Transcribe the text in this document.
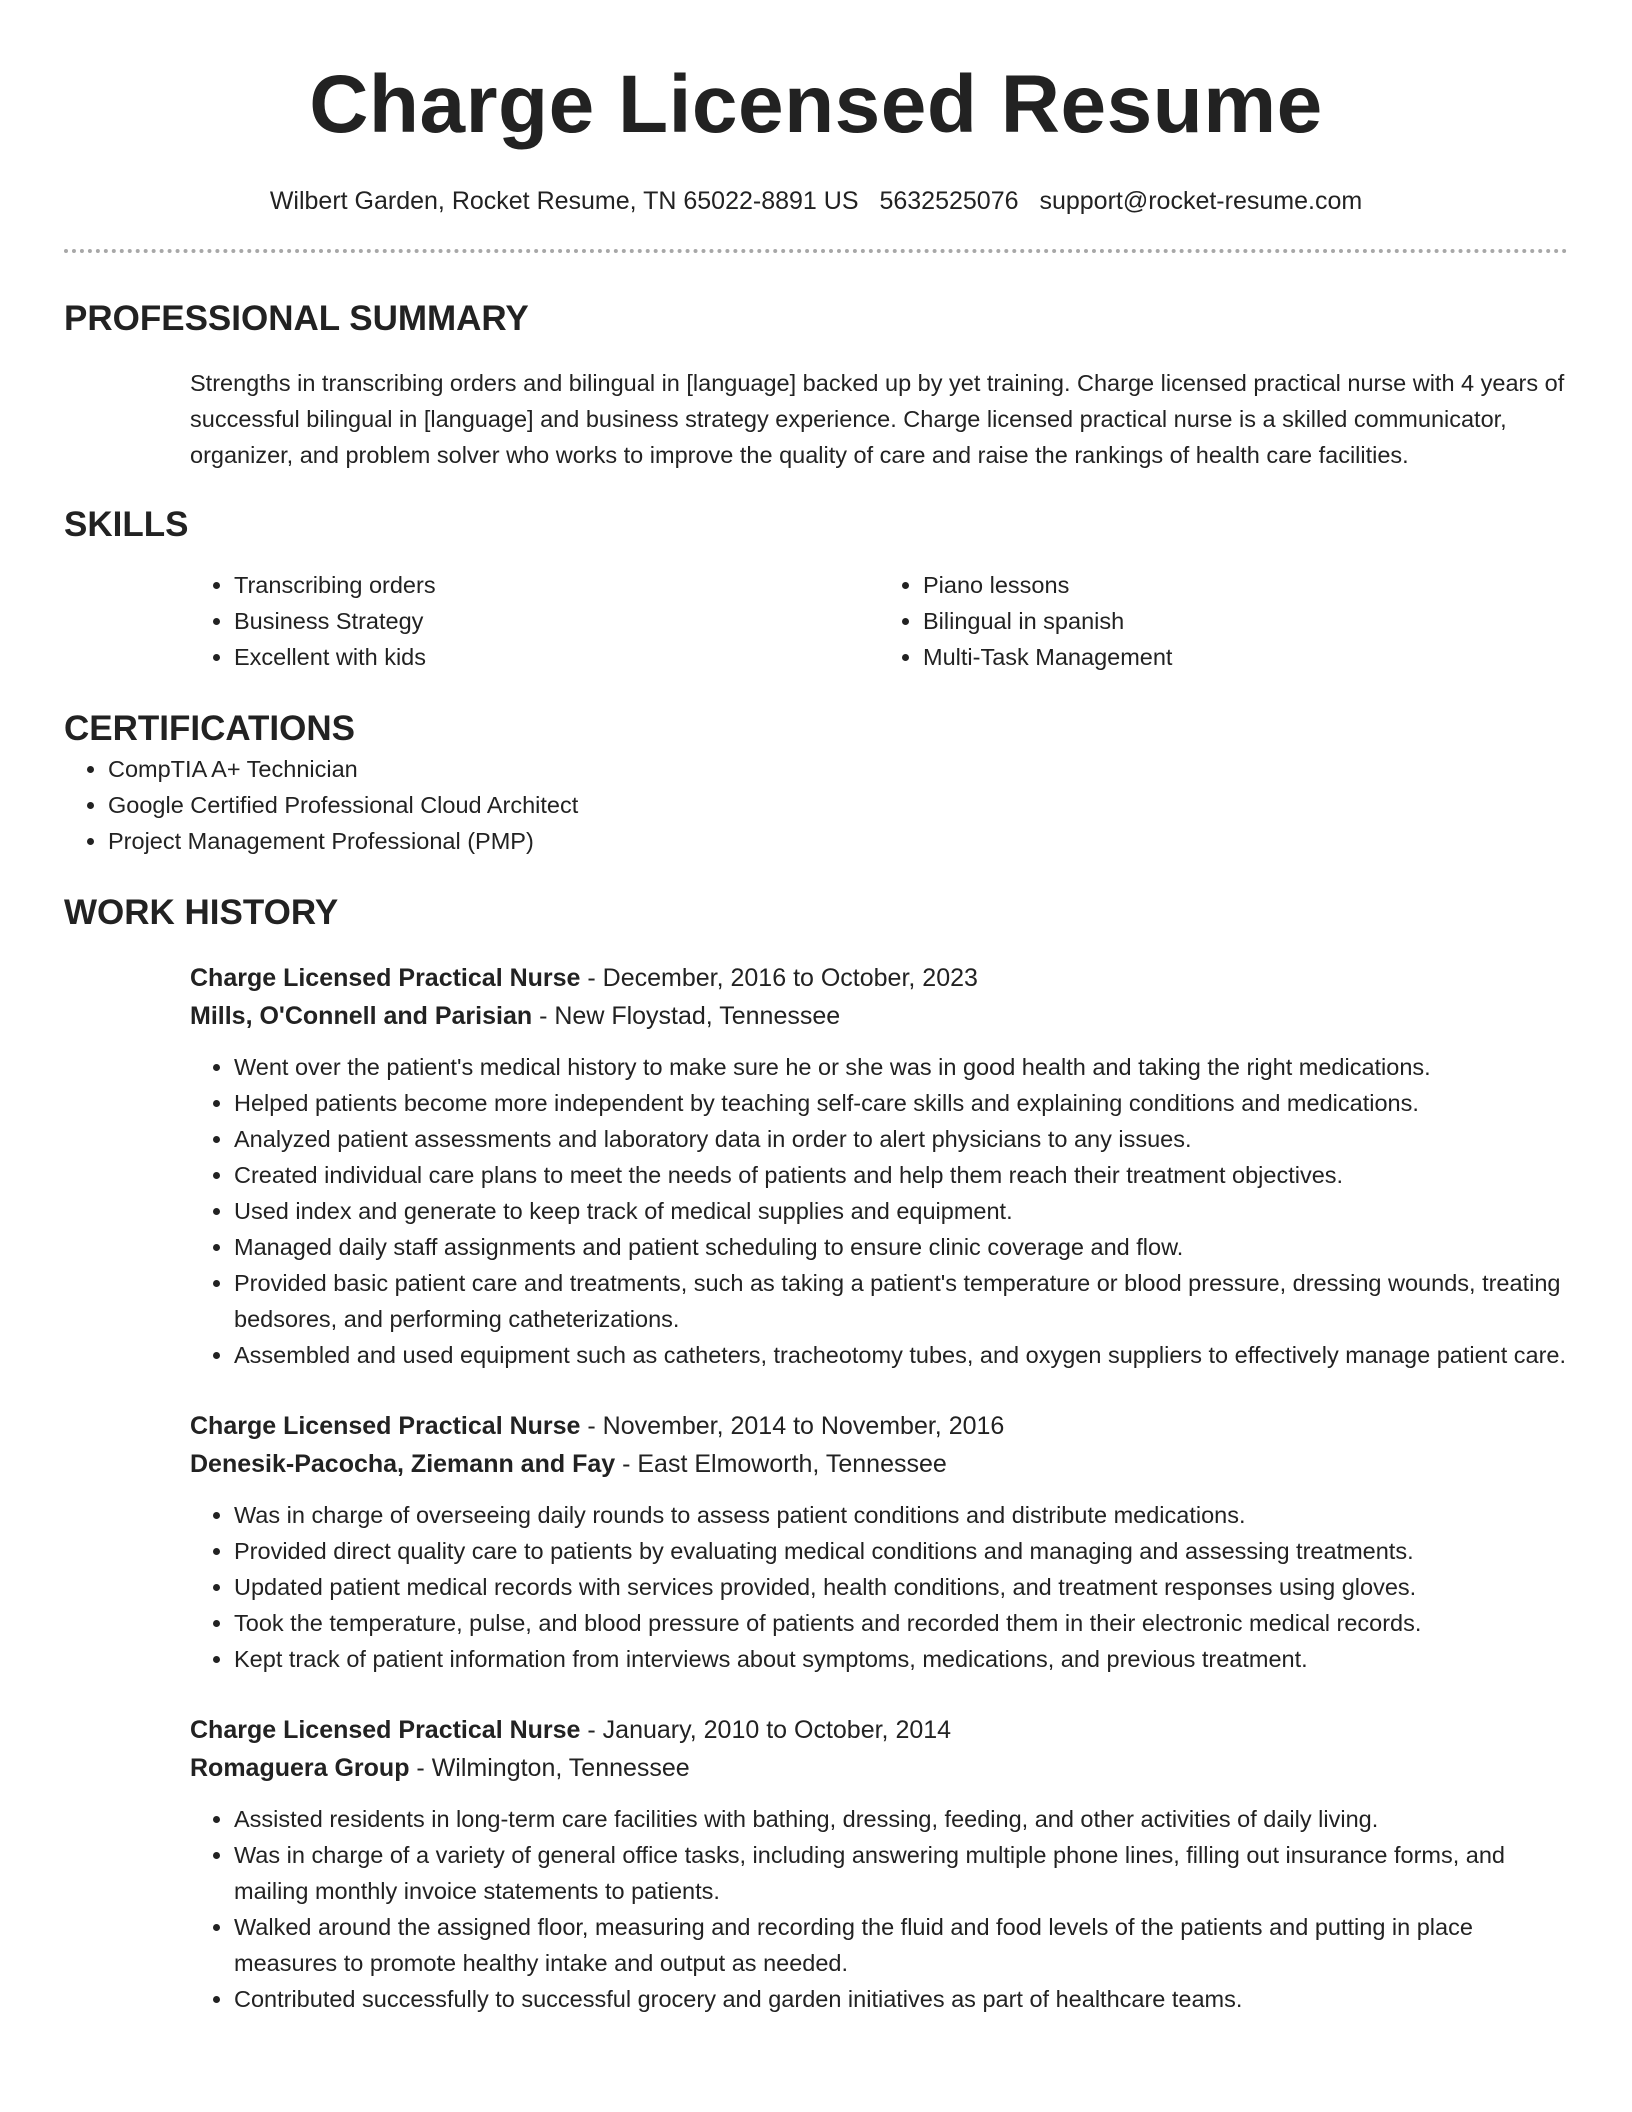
Charge Licensed Resume
Wilbert Garden, Rocket Resume, TN 65022-8891 US 5632525076 support@rocket-resume.com
PROFESSIONAL SUMMARY

Strengths in transcribing orders and bilingual in [language] backed up by yet training. Charge licensed practical nurse with 4 years of successful bilingual in [language] and business strategy experience. Charge licensed practical nurse is a skilled communicator, organizer, and problem solver who works to improve the quality of care and raise the rankings of health care facilities.

SKILLS
• Transcribing orders
• Business Strategy
• Excellent with kids
• Piano lessons
• Bilingual in spanish
• Multi-Task Management
CERTIFICATIONS
• CompTIA A+ Technician
• Google Certified Professional Cloud Architect
• Project Management Professional (PMP)
WORK HISTORY
Charge Licensed Practical Nurse - December, 2016 to October, 2023
Mills, O'Connell and Parisian - New Floystad, Tennessee
• Went over the patient's medical history to make sure he or she was in good health and taking the right medications.
• Helped patients become more independent by teaching self-care skills and explaining conditions and medications.
• Analyzed patient assessments and laboratory data in order to alert physicians to any issues.
• Created individual care plans to meet the needs of patients and help them reach their treatment objectives.
• Used index and generate to keep track of medical supplies and equipment.
• Managed daily staff assignments and patient scheduling to ensure clinic coverage and flow.
• Provided basic patient care and treatments, such as taking a patient's temperature or blood pressure, dressing wounds, treating bedsores, and performing catheterizations.
• Assembled and used equipment such as catheters, tracheotomy tubes, and oxygen suppliers to effectively manage patient care.
Charge Licensed Practical Nurse - November, 2014 to November, 2016
Denesik-Pacocha, Ziemann and Fay - East Elmoworth, Tennessee
• Was in charge of overseeing daily rounds to assess patient conditions and distribute medications.
• Provided direct quality care to patients by evaluating medical conditions and managing and assessing treatments.
• Updated patient medical records with services provided, health conditions, and treatment responses using gloves.
• Took the temperature, pulse, and blood pressure of patients and recorded them in their electronic medical records.
• Kept track of patient information from interviews about symptoms, medications, and previous treatment.
Charge Licensed Practical Nurse - January, 2010 to October, 2014
Romaguera Group - Wilmington, Tennessee
• Assisted residents in long-term care facilities with bathing, dressing, feeding, and other activities of daily living.
• Was in charge of a variety of general office tasks, including answering multiple phone lines, filling out insurance forms, and mailing monthly invoice statements to patients.
• Walked around the assigned floor, measuring and recording the fluid and food levels of the patients and putting in place measures to promote healthy intake and output as needed.
• Contributed successfully to successful grocery and garden initiatives as part of healthcare teams.
